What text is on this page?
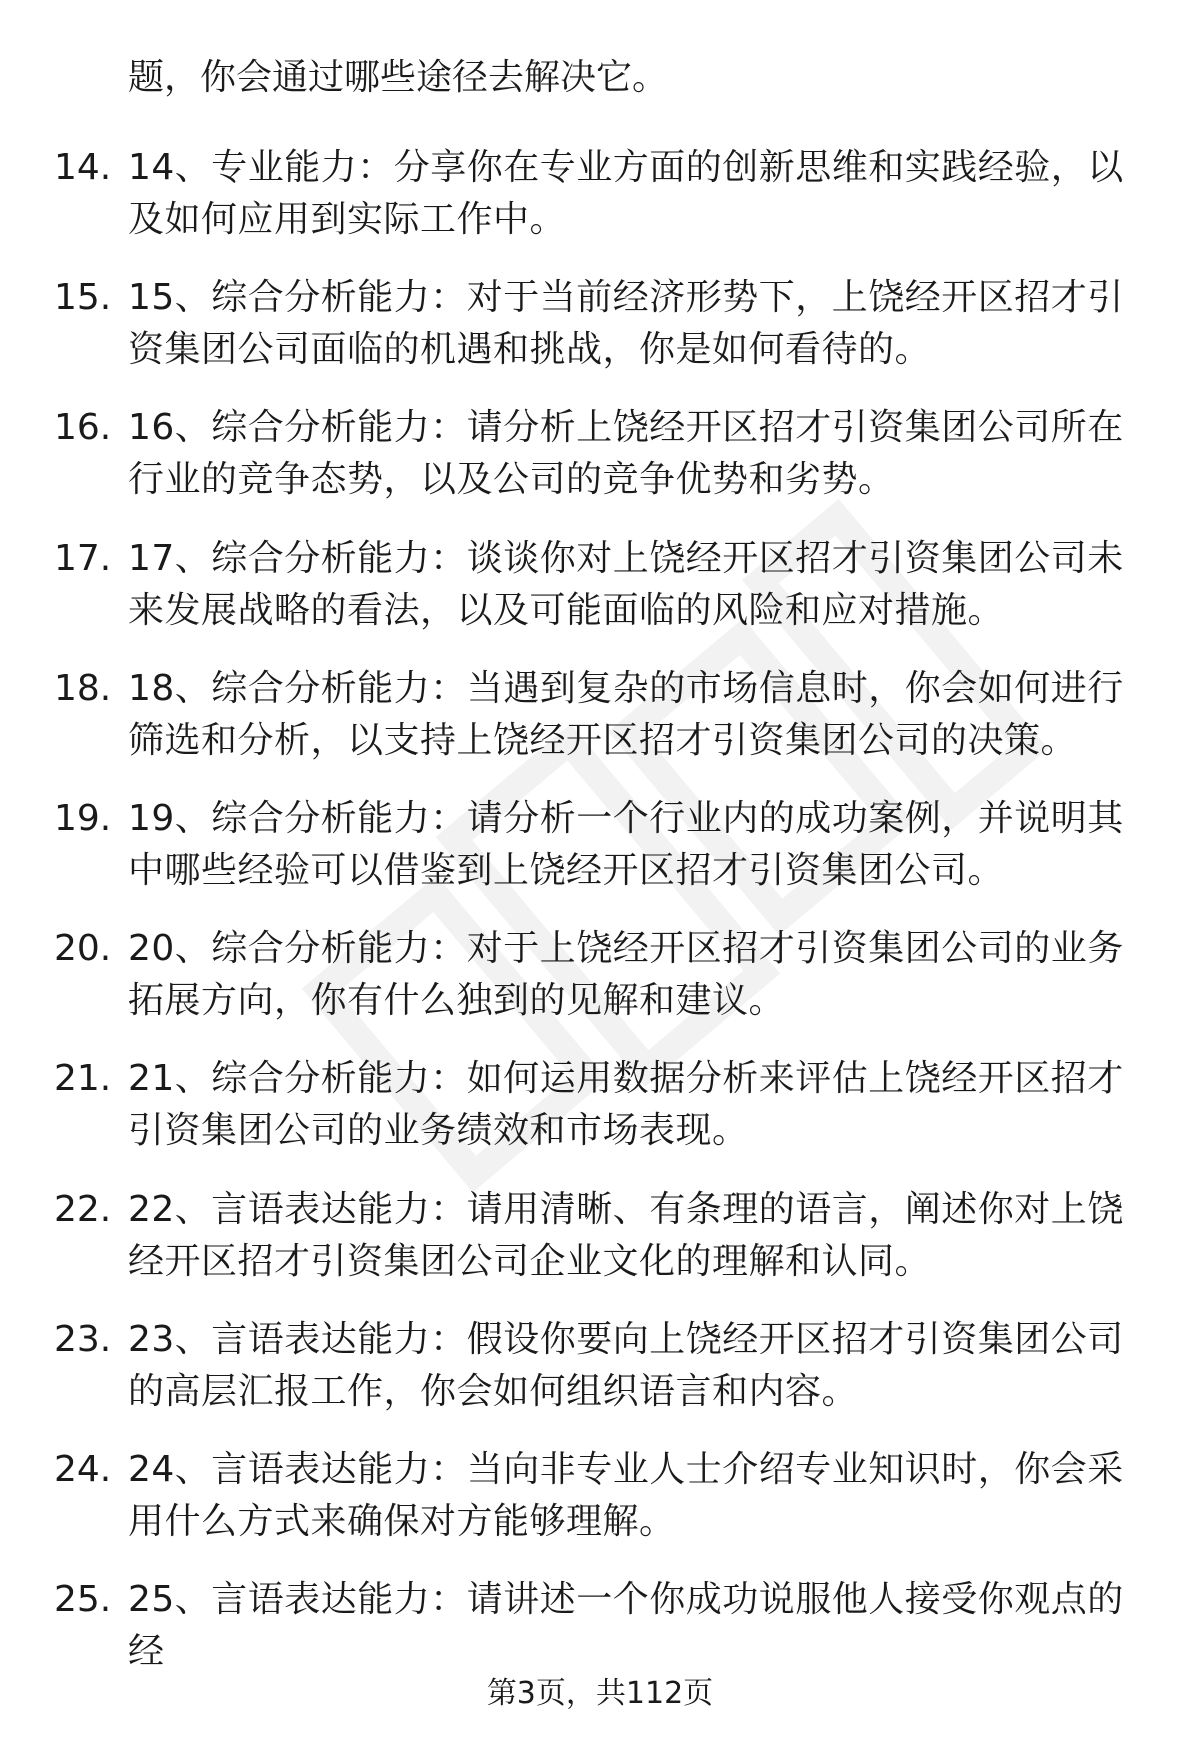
题，你会通过哪些途径去解决它。
14. 14、专业能力：分享你在专业方面的创新思维和实践经验，以及如何应用到实际工作中。
15. 15、综合分析能力：对于当前经济形势下，上饶经开区招才引资集团公司面临的机遇和挑战，你是如何看待的。
16. 16、综合分析能力：请分析上饶经开区招才引资集团公司所在行业的竞争态势，以及公司的竞争优势和劣势。
17. 17、综合分析能力：谈谈你对上饶经开区招才引资集团公司未来发展战略的看法，以及可能面临的风险和应对措施。
18. 18、综合分析能力：当遇到复杂的市场信息时，你会如何进行筛选和分析，以支持上饶经开区招才引资集团公司的决策。
19. 19、综合分析能力：请分析一个行业内的成功案例，并说明其中哪些经验可以借鉴到上饶经开区招才引资集团公司。
20. 20、综合分析能力：对于上饶经开区招才引资集团公司的业务拓展方向，你有什么独到的见解和建议。
21. 21、综合分析能力：如何运用数据分析来评估上饶经开区招才引资集团公司的业务绩效和市场表现。
22. 22、言语表达能力：请用清晰、有条理的语言，阐述你对上饶经开区招才引资集团公司企业文化的理解和认同。
23. 23、言语表达能力：假设你要向上饶经开区招才引资集团公司的高层汇报工作，你会如何组织语言和内容。
24. 24、言语表达能力：当向非专业人士介绍专业知识时，你会采用什么方式来确保对方能够理解。
25. 25、言语表达能力：请讲述一个你成功说服他人接受你观点的经
第3页，共112页
